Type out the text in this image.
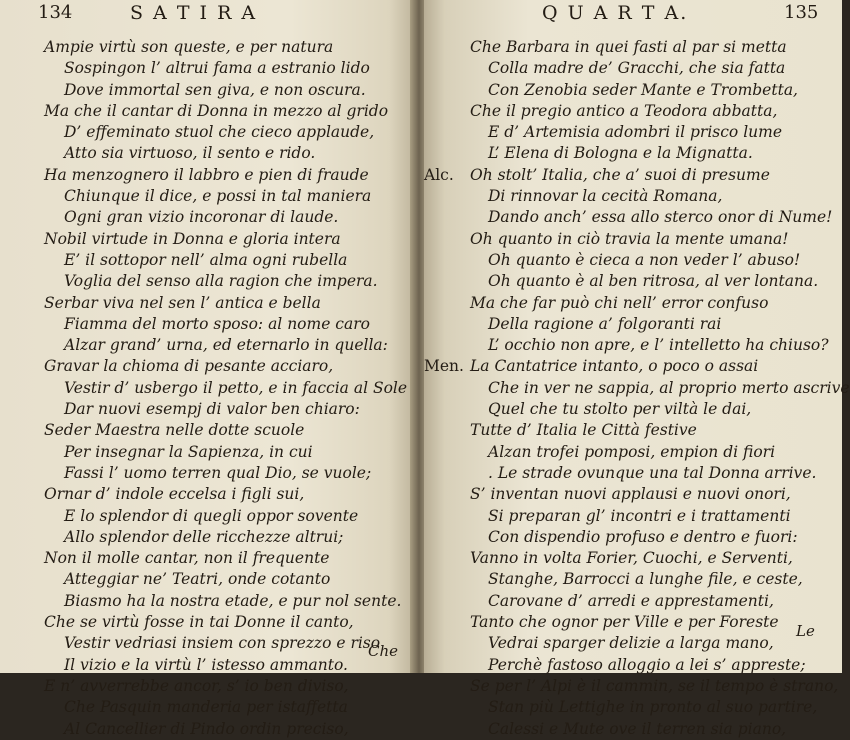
134	S A T I R A
Ampie virtù son queste, e per natura
Sospingon l’ altrui fama a estranio lido
Dove immortal sen giva, e non oscura.
Ma che il cantar di Donna in mezzo al grido
D’ effeminato stuol che cieco applaude,
Atto sia virtuoso, il sento e rido.
Ha menzognero il labbro e pien di fraude
Chiunque il dice, e possi in tal maniera
Ogni gran vizio incoronar di laude.
Nobil virtude in Donna e gloria intera
E’ il sottopor nell’ alma ogni rubella
Voglia del senso alla ragion che impera.
Serbar viva nel sen l’ antica e bella
Fiamma del morto sposo: al nome caro
Alzar grand’ urna, ed eternarlo in quella:
Gravar la chioma di pesante acciaro,
Vestir d’ usbergo il petto, e in faccia al Sole
Dar nuovi esempj di valor ben chiaro:
Seder Maestra nelle dotte scuole
Per insegnar la Sapienza, in cui
Fassi l’ uomo terren qual Dio, se vuole;
Ornar d’ indole eccelsa i figli sui,
E lo splendor di quegli oppor sovente
Allo splendor delle ricchezze altrui;
Non il molle cantar, non il frequente
Atteggiar ne’ Teatri, onde cotanto
Biasmo ha la nostra etade, e pur nol sente.
Che se virtù fosse in tai Donne il canto,
Vestir vedriasi insiem con sprezzo e riso
Il vizio e la virtù l’ istesso ammanto.
E n’ avverrebbe ancor, s’ io ben diviso,
Che Pasquin manderia per istaffetta
Al Cancellier di Pindo ordin preciso,
Che
Q U A R T A.	135
Che Barbara in quei fasti al par si metta
Colla madre de’ Gracchi, che sia fatta
Con Zenobia seder Mante e Trombetta,
Che il pregio antico a Teodora abbatta,
E d’ Artemisia adombri il prisco lume
L’ Elena di Bologna e la Mignatta.
Alc. Oh stolt’ Italia, che a’ suoi di presume
Di rinnovar la cecità Romana,
Dando anch’ essa allo sterco onor di Nume!
Oh quanto in ciò travia la mente umana!
Oh quanto è cieca a non veder l’ abuso!
Oh quanto è al ben ritrosa, al ver lontana.
Ma che far può chi nell’ error confuso
Della ragione a’ folgoranti rai
L’ occhio non apre, e l’ intelletto ha chiuso?
Men. La Cantatrice intanto, o poco o assai
Che in ver ne sappia, al proprio merto ascrive
Quel che tu stolto per viltà le dai,
Tutte d’ Italia le Città festive
Alzan trofei pomposi, empion di fiori
. Le strade ovunque una tal Donna arrive.
S’ inventan nuovi applausi e nuovi onori,
Si preparan gl’ incontri e i trattamenti
Con dispendio profuso e dentro e fuori:
Vanno in volta Forier, Cuochi, e Serventi,
Stanghe, Barrocci a lunghe file, e ceste,
Carovane d’ arredi e apprestamenti,
Tanto che ognor per Ville e per Foreste
Vedrai sparger delizie a larga mano,
Perchè fastoso alloggio a lei s’ appreste;
Se per l’ Alpi è il cammin, se il tempo è strano,
Stan più Lettighe in pronto al suo partire,
Calessi e Mute ove il terren sia piano,
Le
